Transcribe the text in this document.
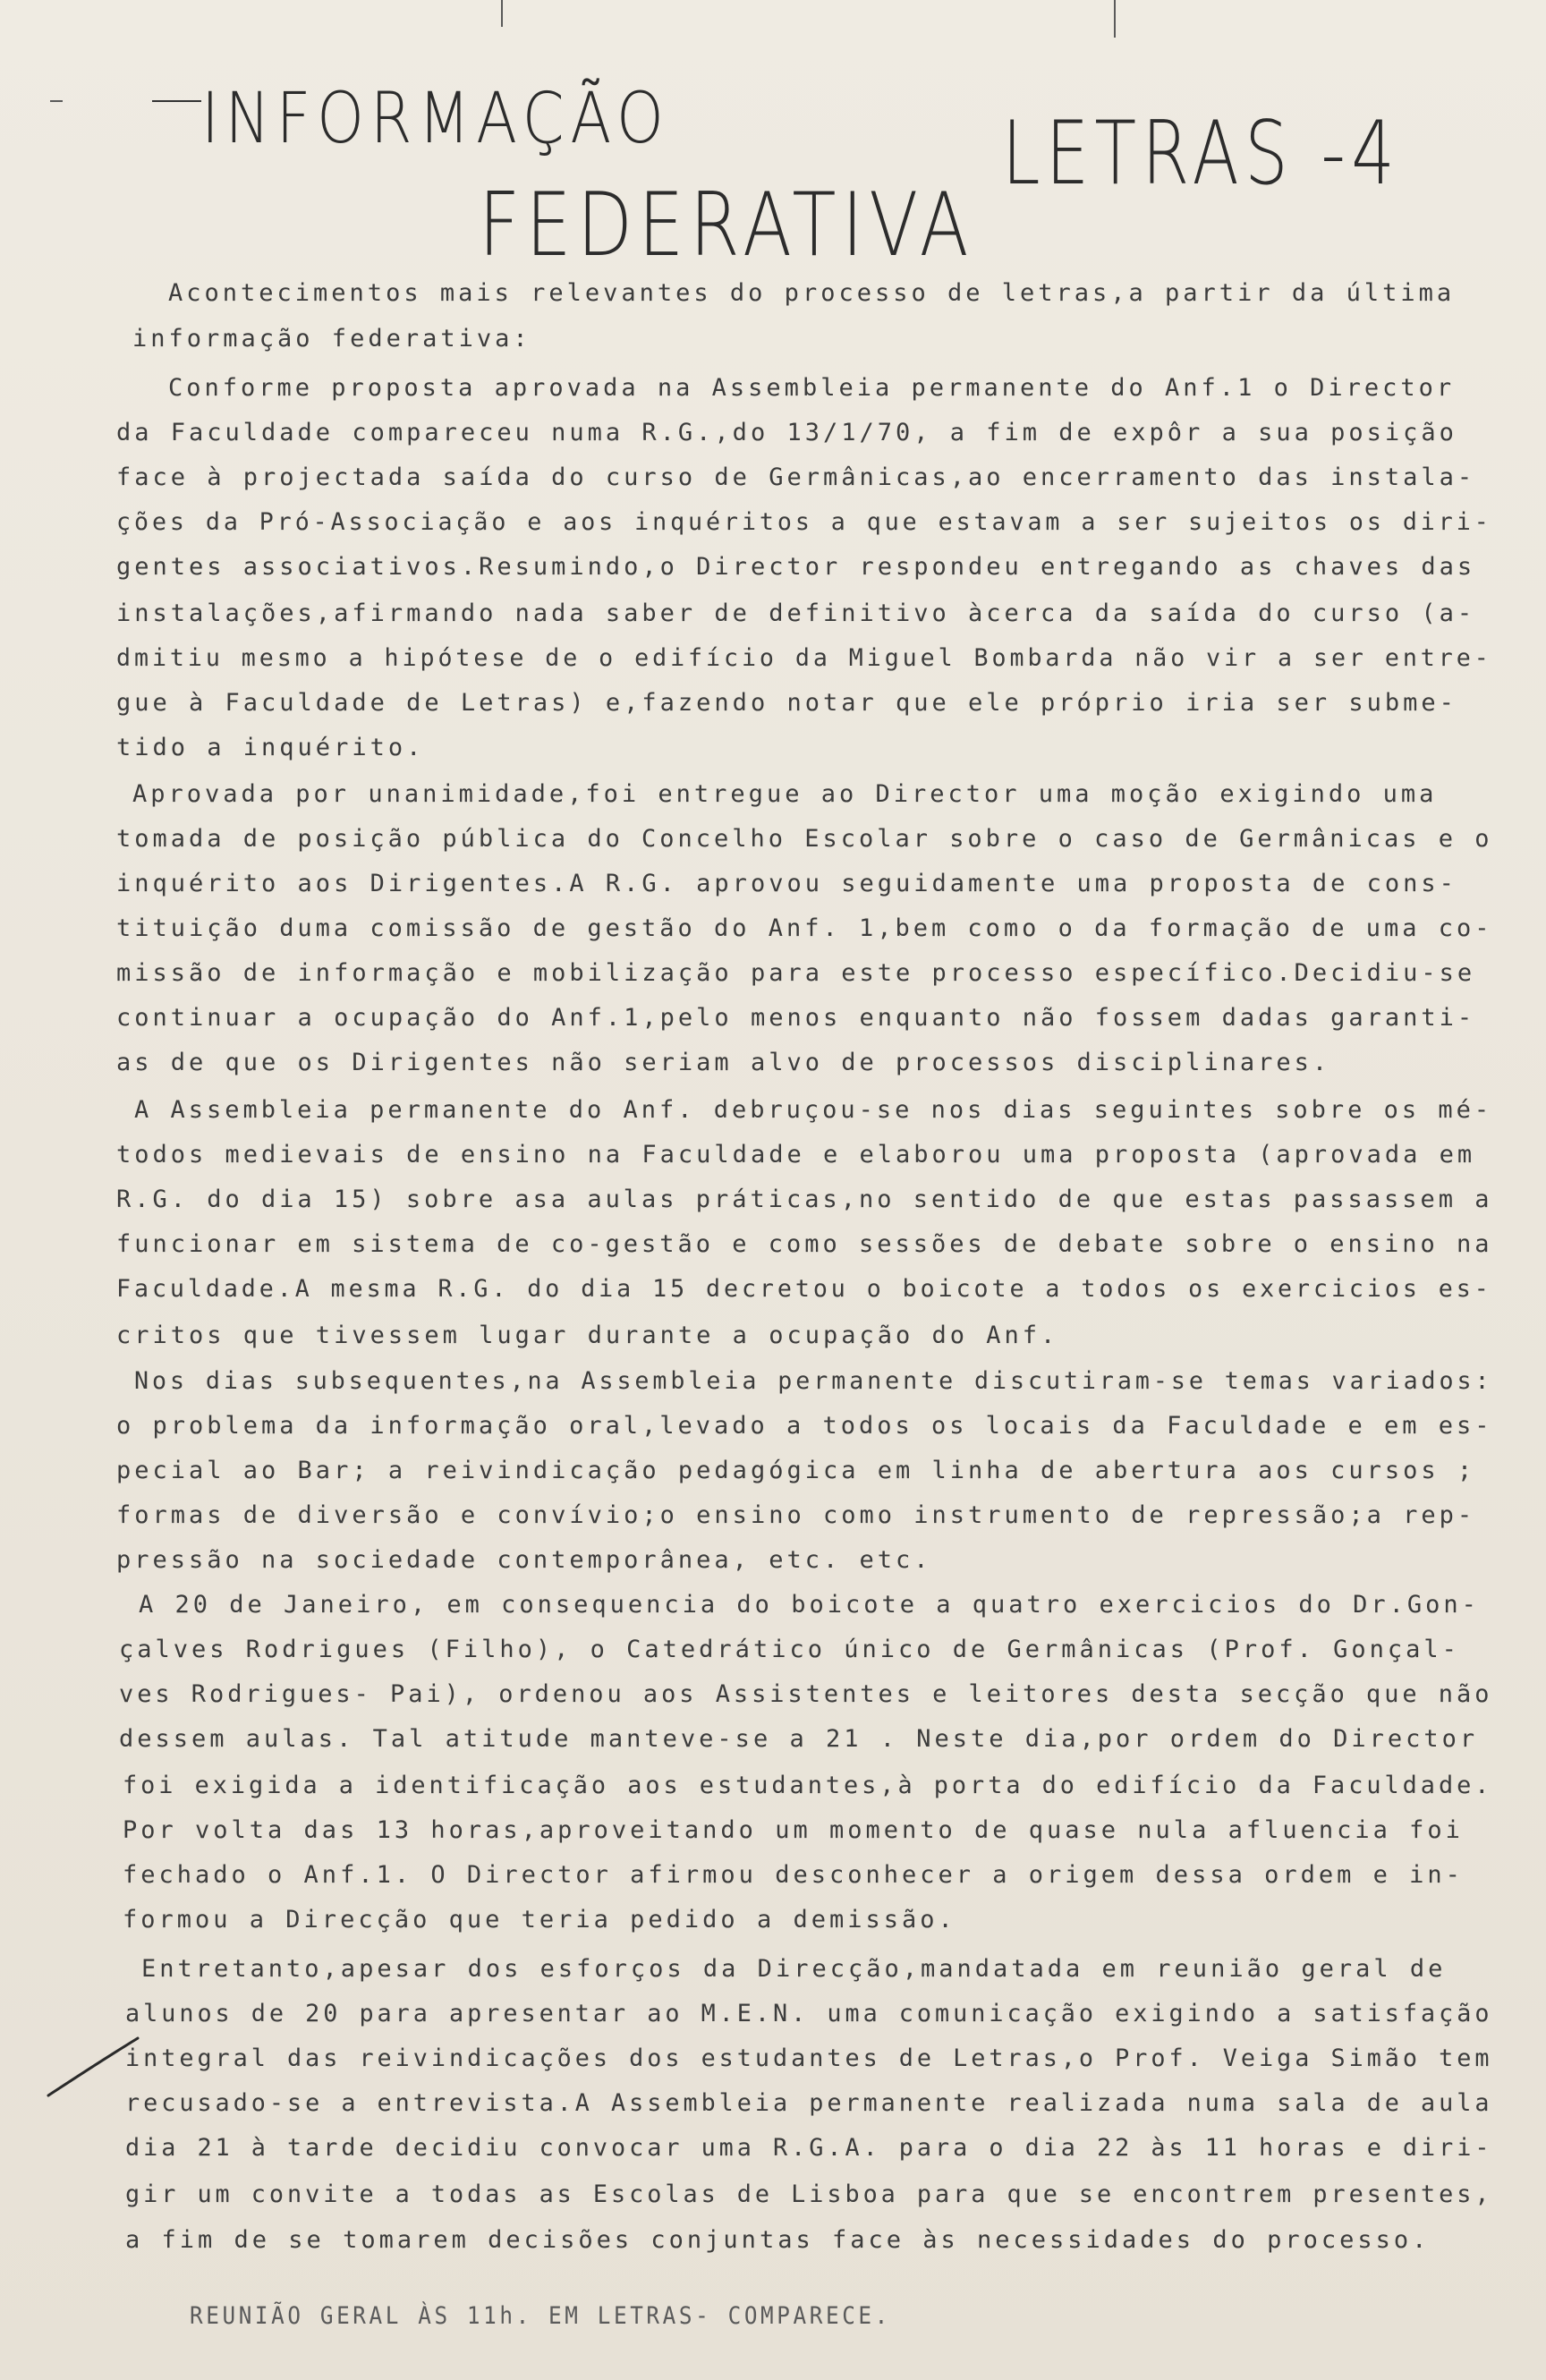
INFORMAÇÃO
FEDERATIVA
LETRAS -4
Acontecimentos mais relevantes do processo de letras,a partir da última
informação federativa:
Conforme proposta aprovada na Assembleia permanente do Anf.1 o Director
da Faculdade compareceu numa R.G.,do 13/1/70, a fim de expôr a sua posição
face à projectada saída do curso de Germânicas,ao encerramento das instala-
ções da Pró-Associação e aos inquéritos a que estavam a ser sujeitos os diri-
gentes associativos.Resumindo,o Director respondeu entregando as chaves das
instalações,afirmando nada saber de definitivo àcerca da saída do curso (a-
dmitiu mesmo a hipótese de o edifício da Miguel Bombarda não vir a ser entre-
gue à Faculdade de Letras) e,fazendo notar que ele próprio iria ser subme-
tido a inquérito.
Aprovada por unanimidade,foi entregue ao Director uma moção exigindo uma
tomada de posição pública do Concelho Escolar sobre o caso de Germânicas e o
inquérito aos Dirigentes.A R.G. aprovou seguidamente uma proposta de cons-
tituição duma comissão de gestão do Anf. 1,bem como o da formação de uma co-
missão de informação e mobilização para este processo específico.Decidiu-se
continuar a ocupação do Anf.1,pelo menos enquanto não fossem dadas garanti-
as de que os Dirigentes não seriam alvo de processos disciplinares.
A Assembleia permanente do Anf. debruçou-se nos dias seguintes sobre os mé-
todos medievais de ensino na Faculdade e elaborou uma proposta (aprovada em
R.G. do dia 15) sobre asa aulas práticas,no sentido de que estas passassem a
funcionar em sistema de co-gestão e como sessões de debate sobre o ensino na
Faculdade.A mesma R.G. do dia 15 decretou o boicote a todos os exercicios es-
critos que tivessem lugar durante a ocupação do Anf.
Nos dias subsequentes,na Assembleia permanente discutiram-se temas variados:
o problema da informação oral,levado a todos os locais da Faculdade e em es-
pecial ao Bar; a reivindicação pedagógica em linha de abertura aos cursos ;
formas de diversão e convívio;o ensino como instrumento de repressão;a rep-
pressão na sociedade contemporânea, etc. etc.
A 20 de Janeiro, em consequencia do boicote a quatro exercicios do Dr.Gon-
çalves Rodrigues (Filho), o Catedrático único de Germânicas (Prof. Gonçal-
ves Rodrigues- Pai), ordenou aos Assistentes e leitores desta secção que não
dessem aulas. Tal atitude manteve-se a 21 . Neste dia,por ordem do Director
foi exigida a identificação aos estudantes,à porta do edifício da Faculdade.
Por volta das 13 horas,aproveitando um momento de quase nula afluencia foi
fechado o Anf.1. O Director afirmou desconhecer a origem dessa ordem e in-
formou a Direcção que teria pedido a demissão.
Entretanto,apesar dos esforços da Direcção,mandatada em reunião geral de
alunos de 20 para apresentar ao M.E.N. uma comunicação exigindo a satisfação
integral das reivindicações dos estudantes de Letras,o Prof. Veiga Simão tem
recusado-se a entrevista.A Assembleia permanente realizada numa sala de aula
dia 21 à tarde decidiu convocar uma R.G.A. para o dia 22 às 11 horas e diri-
gir um convite a todas as Escolas de Lisboa para que se encontrem presentes,
a fim de se tomarem decisões conjuntas face às necessidades do processo.
REUNIÃO GERAL ÀS 11h. EM LETRAS- COMPARECE.
